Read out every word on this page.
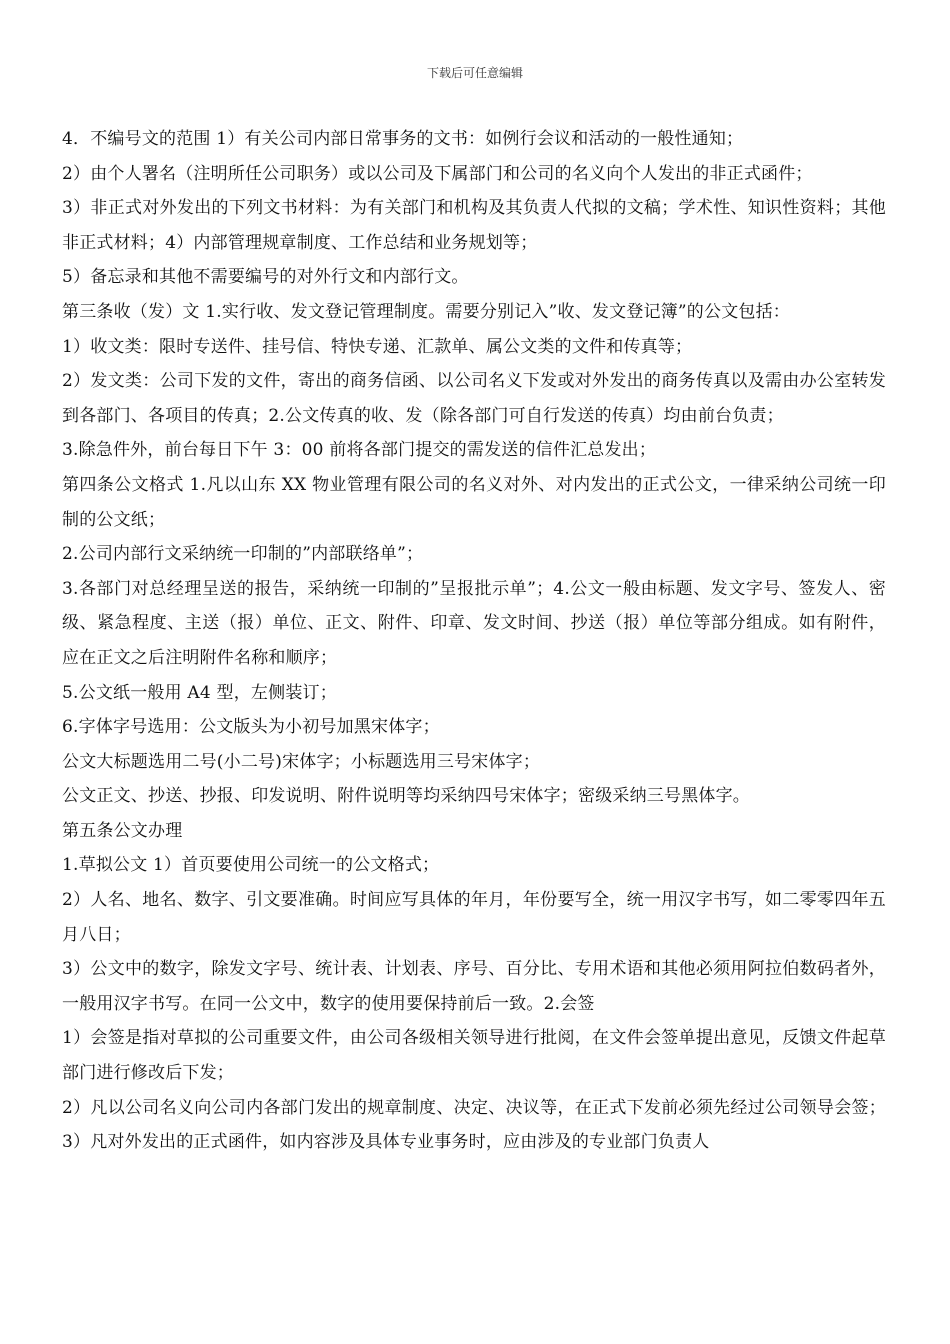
下载后可任意编辑

4．不编号文的范围 1）有关公司内部日常事务的文书：如例行会议和活动的一般性通知；

2）由个人署名（注明所任公司职务）或以公司及下属部门和公司的名义向个人发出的非正式函件；

3）非正式对外发出的下列文书材料：为有关部门和机构及其负责人代拟的文稿；学术性、知识性资料；其他非正式材料；4）内部管理规章制度、工作总结和业务规划等；

5）备忘录和其他不需要编号的对外行文和内部行文。

第三条收（发）文 1.实行收、发文登记管理制度。需要分别记入”收、发文登记簿”的公文包括：

1）收文类：限时专送件、挂号信、特快专递、汇款单、属公文类的文件和传真等；

2）发文类：公司下发的文件，寄出的商务信函、以公司名义下发或对外发出的商务传真以及需由办公室转发到各部门、各项目的传真；2.公文传真的收、发（除各部门可自行发送的传真）均由前台负责；

3.除急件外，前台每日下午 3：00 前将各部门提交的需发送的信件汇总发出；

第四条公文格式 1.凡以山东 XX 物业管理有限公司的名义对外、对内发出的正式公文，一律采纳公司统一印制的公文纸；

2.公司内部行文采纳统一印制的”内部联络单”；

3.各部门对总经理呈送的报告，采纳统一印制的”呈报批示单”；4.公文一般由标题、发文字号、签发人、密级、紧急程度、主送（报）单位、正文、附件、印章、发文时间、抄送（报）单位等部分组成。如有附件，应在正文之后注明附件名称和顺序；

5.公文纸一般用 A4 型，左侧装订；

6.字体字号选用：公文版头为小初号加黑宋体字；

公文大标题选用二号(小二号)宋体字；小标题选用三号宋体字；

公文正文、抄送、抄报、印发说明、附件说明等均采纳四号宋体字；密级采纳三号黑体字。

第五条公文办理

1.草拟公文 1）首页要使用公司统一的公文格式；

2）人名、地名、数字、引文要准确。时间应写具体的年月，年份要写全，统一用汉字书写，如二零零四年五月八日；

3）公文中的数字，除发文字号、统计表、计划表、序号、百分比、专用术语和其他必须用阿拉伯数码者外，一般用汉字书写。在同一公文中，数字的使用要保持前后一致。2.会签

1）会签是指对草拟的公司重要文件，由公司各级相关领导进行批阅，在文件会签单提出意见，反馈文件起草部门进行修改后下发；

2）凡以公司名义向公司内各部门发出的规章制度、决定、决议等，在正式下发前必须先经过公司领导会签；3）凡对外发出的正式函件，如内容涉及具体专业事务时，应由涉及的专业部门负责人
